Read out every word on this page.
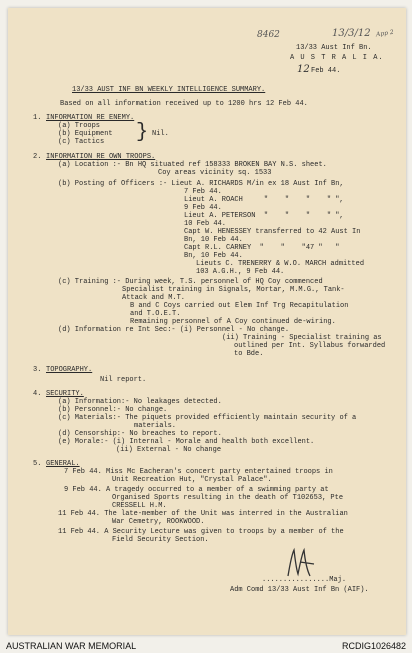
8462	13/3/12 App 2
13/33 Aust Inf Bn.
A U S T R A L I A.
12 Feb 44.
13/33 AUST INF BN WEEKLY INTELLIGENCE SUMMARY.
Based on all information received up to 1200 hrs 12 Feb 44.
1. INFORMATION RE ENEMY.
(a) Troops
(b) Equipment
(c) Tactics } Nil.
2. INFORMATION RE OWN TROOPS.
(a) Location :- Bn HQ situated ref 158333 BROKEN BAY N.S. sheet.
Coy areas vicinity sq. 1533
(b) Posting of Officers :- Lieut A. RICHARDS M/in ex 18 Aust Inf Bn,
7 Feb 44.
Lieut A. ROACH     "    "    "    " ",
9 Feb 44.
Lieut A. PETERSON  "    "    "    " ",
10 Feb 44.
Capt W. HENESSEY transferred to 42 Aust In
Bn, 10 Feb 44.
Capt R.L. CARNEY  "    "    "47 "   "
Bn, 10 Feb 44.
Lieuts C. TRENERRY & W.O. MARCH admitted
103 A.G.H., 9 Feb 44.
(c) Training :- During week, T.S. personnel of HQ Coy commenced
Specialist training in Signals, Mortar, M.M.G., Tank-
Attack and M.T.
B and C Coys carried out Elem Inf Trg Recapitulation
and T.O.E.T.
Remaining personnel of A Coy continued de-wiring.
(d) Information re Int Sec:- (i) Personnel - No change.
(ii) Training - Specialist training as
outlined per Int. Syllabus forwarded
to Bde.
3. TOPOGRAPHY.
Nil report.
4. SECURITY.
(a) Information:- No leakages detected.
(b) Personnel:- No change.
(c) Materials:- The piquets provided efficiently maintain security of a
materials.
(d) Censorship:- No breaches to report.
(e) Morale:- (i) Internal - Morale and health both excellent.
(ii) External - No change
5. GENERAL.
7 Feb 44. Miss Mc Eacheran's concert party entertained troops in
Unit Recreation Hut, "Crystal Palace".
9 Feb 44. A tragedy occurred to a member of a swimming party at
Organised Sports resulting in the death of T102653, Pte
CRESSELL H.M.
11 Feb 44. The late-member of the Unit was interred in the Australian
War Cemetry, ROOKWOOD.
11 Feb 44. A Security Lecture was given to troops by a member of the
Field Security Section.
................Maj.
Adm Comd 13/33 Aust Inf Bn (AIF).
AUSTRALIAN WAR MEMORIAL	RCDIG1026482
